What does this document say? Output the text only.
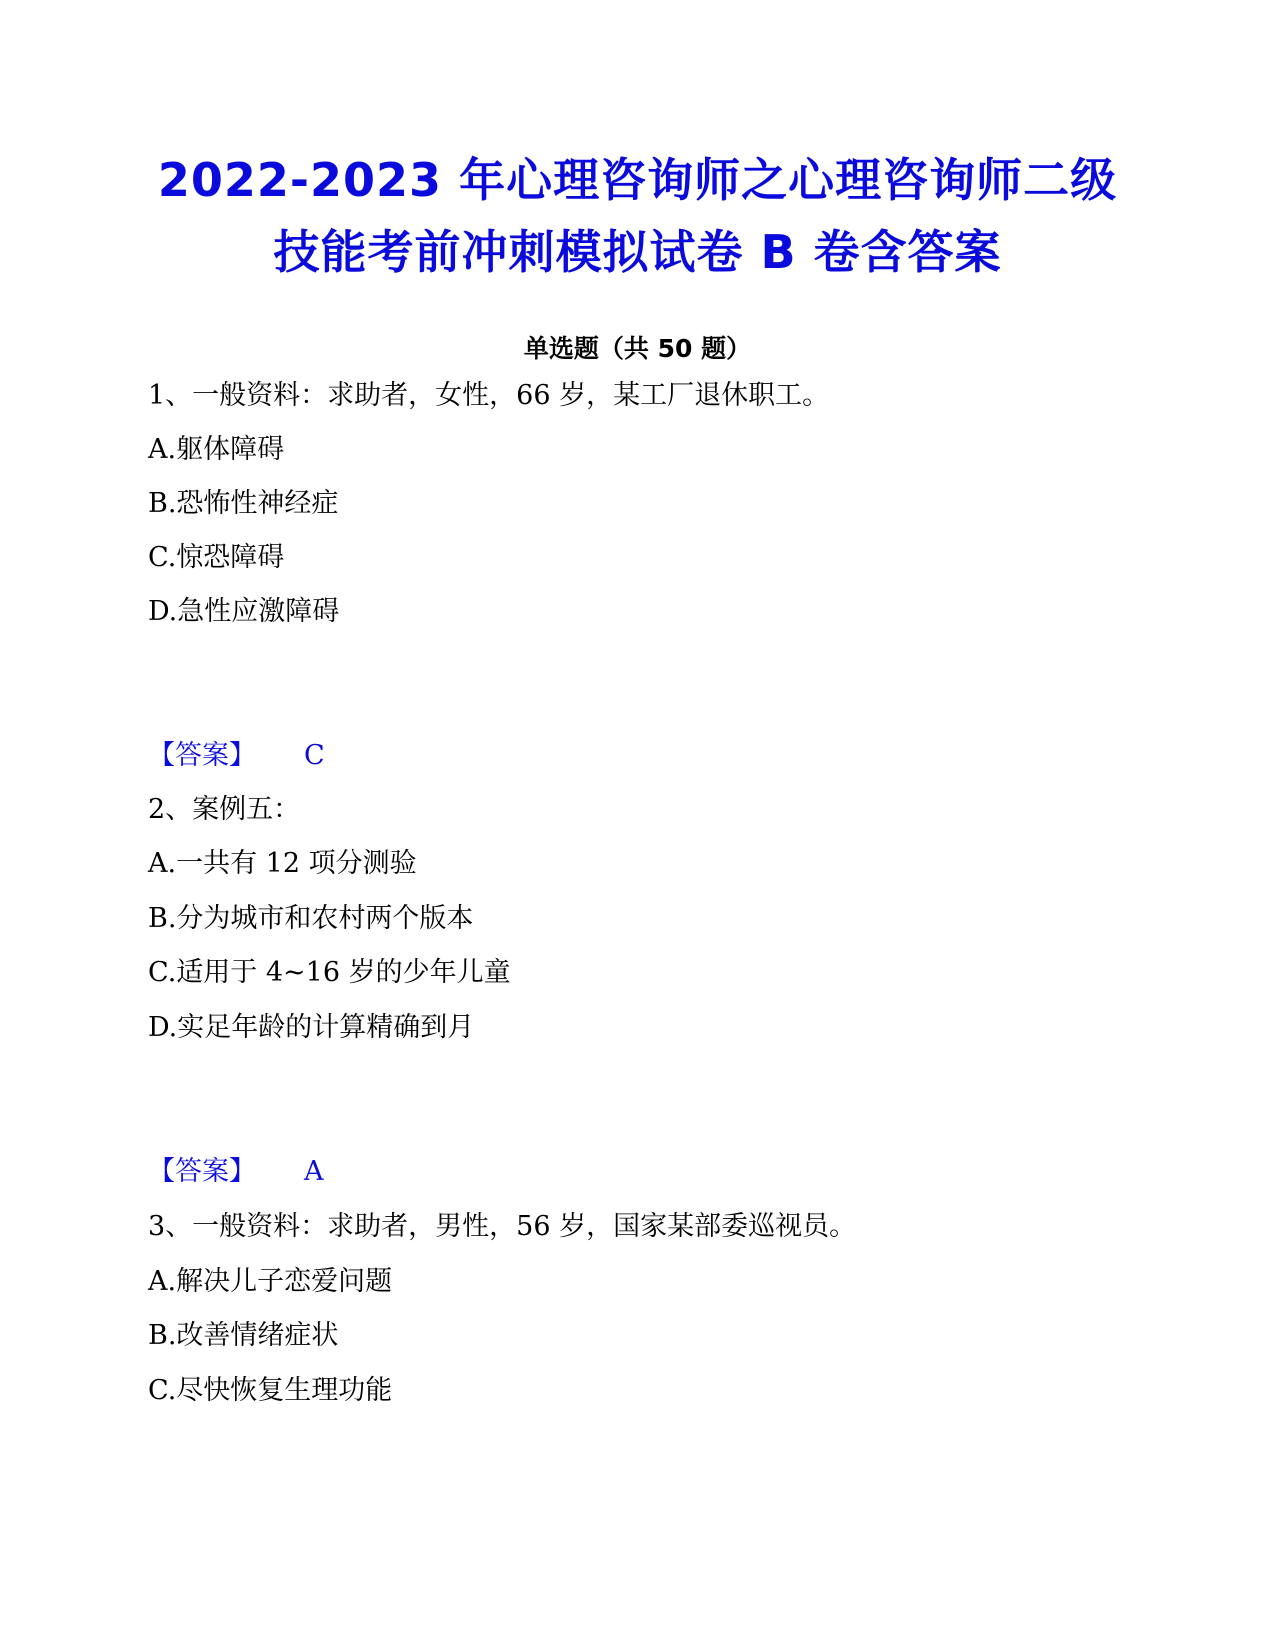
2022-2023 年心理咨询师之心理咨询师二级
技能考前冲刺模拟试卷 B 卷含答案
单选题（共 50 题）
1、一般资料：求助者，女性，66 岁，某工厂退休职工。
A.躯体障碍
B.恐怖性神经症
C.惊恐障碍
D.急性应激障碍
【答案】 C
2、案例五：
A.一共有 12 项分测验
B.分为城市和农村两个版本
C.适用于 4~16 岁的少年儿童
D.实足年龄的计算精确到月
【答案】 A
3、一般资料：求助者，男性，56 岁，国家某部委巡视员。
A.解决儿子恋爱问题
B.改善情绪症状
C.尽快恢复生理功能
